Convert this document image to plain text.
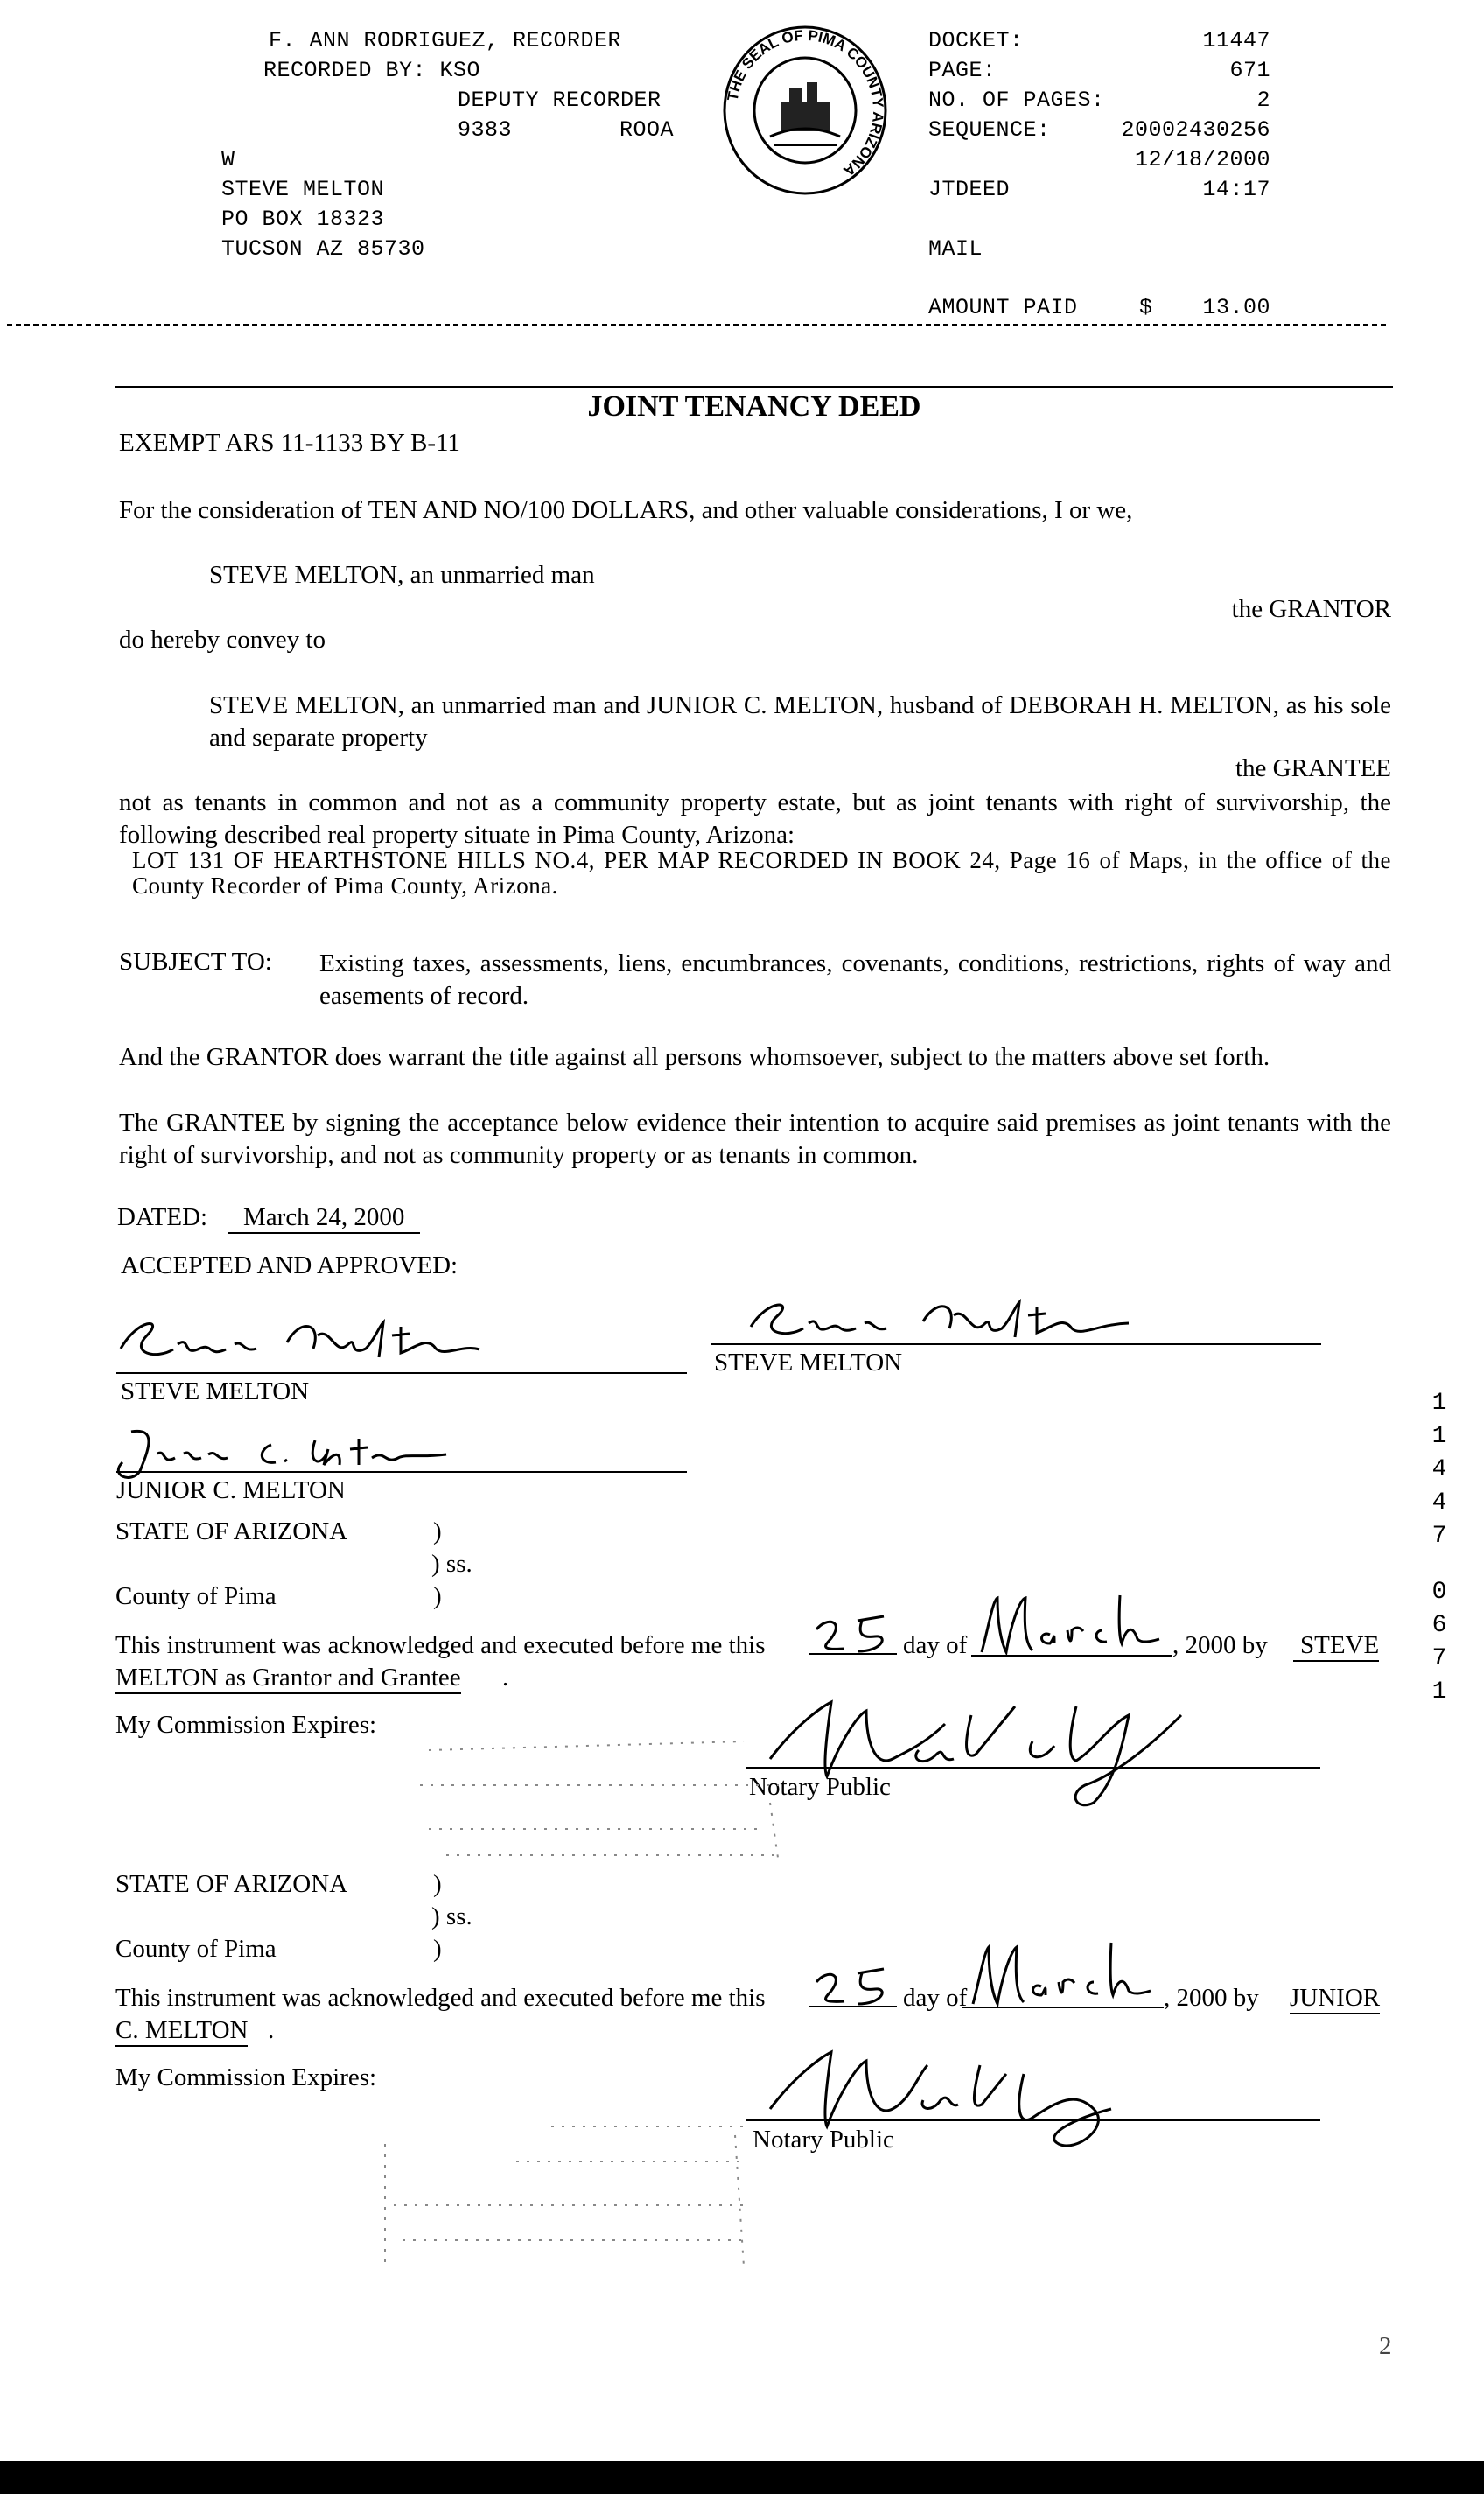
F. ANN RODRIGUEZ, RECORDER
RECORDED BY: KSO
DEPUTY RECORDER
9383	ROOA
W
STEVE MELTON
PO BOX 18323
TUCSON AZ 85730
THE SEAL OF PIMA COUNTY ARIZONA
DOCKET:	11447
PAGE:	671
NO. OF PAGES:	2
SEQUENCE:	20002430256
12/18/2000
JTDEED	14:17
MAIL
AMOUNT PAID	$	13.00
JOINT TENANCY DEED
EXEMPT ARS 11-1133 BY B-11
For the consideration of TEN AND NO/100 DOLLARS, and other valuable considerations, I or we,
STEVE MELTON, an unmarried man
the GRANTOR
do hereby convey to
STEVE MELTON, an unmarried man and JUNIOR C. MELTON, husband of DEBORAH H. MELTON, as his sole and separate property
the GRANTEE
not as tenants in common and not as a community property estate, but as joint tenants with right of survivorship, the following described real property situate in Pima County, Arizona:
LOT 131 OF HEARTHSTONE HILLS NO.4, PER MAP RECORDED IN BOOK 24, Page 16 of Maps, in the office of the County Recorder of Pima County, Arizona.
SUBJECT TO: Existing taxes, assessments, liens, encumbrances, covenants, conditions, restrictions, rights of way and easements of record.
And the GRANTOR does warrant the title against all persons whomsoever, subject to the matters above set forth.
The GRANTEE by signing the acceptance below evidence their intention to acquire said premises as joint tenants with the right of survivorship, and not as community property or as tenants in common.
DATED:	March 24, 2000
ACCEPTED AND APPROVED:
STEVE MELTON
STEVE MELTON
JUNIOR C. MELTON
STATE OF ARIZONA	)
) ss.
County of Pima	)
This instrument was acknowledged and executed before me this	day of	, 2000 by STEVE
MELTON as Grantor and Grantee .
My Commission Expires:
Notary Public
STATE OF ARIZONA	)
) ss.
County of Pima	)
This instrument was acknowledged and executed before me this	day of	, 2000 by JUNIOR
C. MELTON .
My Commission Expires:
Notary Public
1
1
4
4
7
0
6
7
1
2
